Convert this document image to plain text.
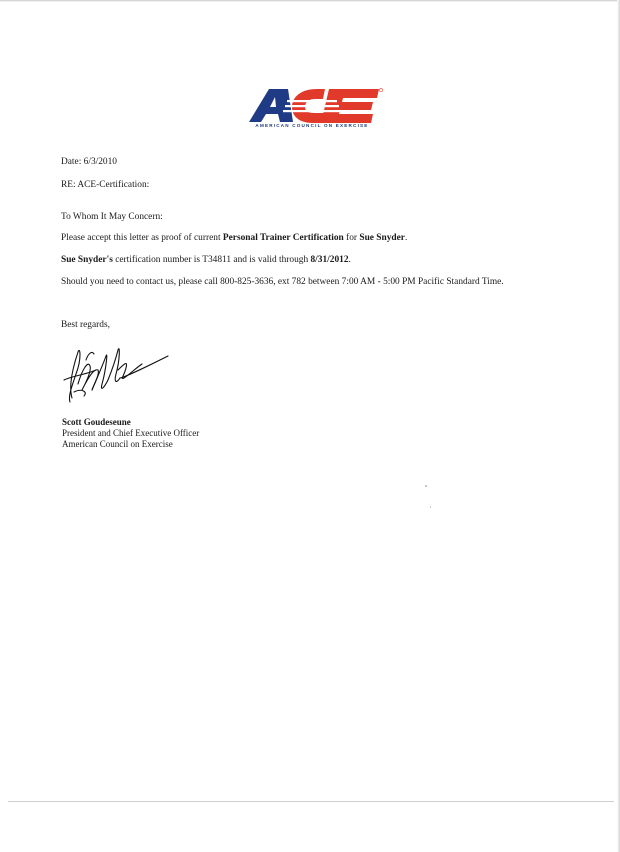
AMERICAN COUNCIL ON EXERCISE
Date: 6/3/2010
RE: ACE-Certification:
To Whom It May Concern:
Please accept this letter as proof of current Personal Trainer Certification for Sue Snyder.
Sue Snyder's certification number is T34811 and is valid through 8/31/2012.
Should you need to contact us, please call 800-825-3636, ext 782 between 7:00 AM - 5:00 PM Pacific Standard Time.
Best regards,
Scott Goudeseune
President and Chief Executive Officer
American Council on Exercise
